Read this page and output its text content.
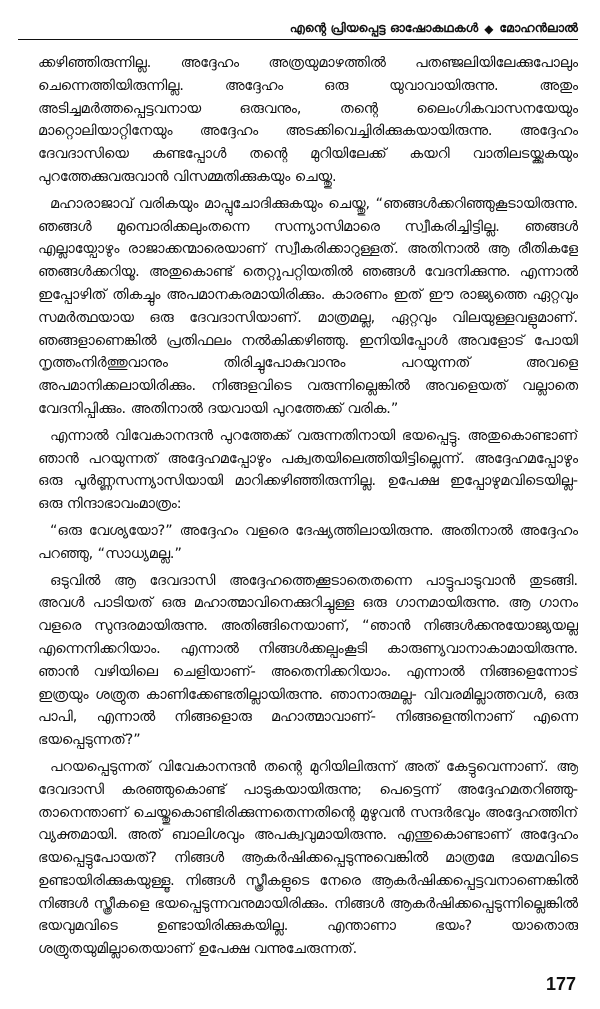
എന്റെ പ്രിയപ്പെട്ട ഓഷോകഥകൾ ◆ മോഹൻലാൽ

ക്കഴിഞ്ഞിരുന്നില്ല. അദ്ദേഹം അത്രയുമാഴത്തിൽ പതഞ്ജലിയിലേക്കുപോലും ചെന്നെത്തിയിരുന്നില്ല. അദ്ദേഹം ഒരു യുവാവായിരുന്നു. അതും അടിച്ചമർത്തപ്പെട്ടവനായ ഒരുവനും, തന്റെ ലൈംഗികവാസനയേയും മാറ്റൊലിയാറ്റിനേയും അദ്ദേഹം അടക്കിവെച്ചിരിക്കുകയായിരുന്നു. അദ്ദേഹം ദേവദാസിയെ കണ്ടപ്പോൾ തന്റെ മുറിയിലേക്ക് കയറി വാതിലടയ്ക്കുകയും പുറത്തേക്കുവരുവാൻ വിസമ്മതിക്കുകയും ചെയ്തു.

മഹാരാജാവ് വരികയും മാപ്പുചോദിക്കുകയും ചെയ്തു, “ഞങ്ങൾക്കറിഞ്ഞുകൂടായിരുന്നു. ഞങ്ങൾ മുമ്പൊരിക്കലുംതന്നെ സന്ന്യാസിമാരെ സ്വീകരിച്ചിട്ടില്ല. ഞങ്ങൾ എല്ലായ്പോഴും രാജാക്കന്മാരെയാണ് സ്വീകരിക്കാറുള്ളത്. അതിനാൽ ആ രീതികളേ ഞങ്ങൾക്കറിയൂ. അതുകൊണ്ട് തെറ്റുപറ്റിയതിൽ ഞങ്ങൾ വേദനിക്കുന്നു. എന്നാൽ ഇപ്പോഴിത് തികച്ചും അപമാനകരമായിരിക്കും. കാരണം ഇത് ഈ രാജ്യത്തെ ഏറ്റവും സമർത്ഥയായ ഒരു ദേവദാസിയാണ്. മാത്രമല്ല, ഏറ്റവും വിലയുള്ളവളുമാണ്. ഞങ്ങളാണെങ്കിൽ പ്രതിഫലം നൽകിക്കഴിഞ്ഞു. ഇനിയിപ്പോൾ അവളോട് പോയി നൃത്തംനിർത്തുവാനും തിരിച്ചുപോകുവാനും പറയുന്നത് അവളെ അപമാനിക്കലായിരിക്കും. നിങ്ങളവിടെ വരുന്നില്ലെങ്കിൽ അവളെയത് വല്ലാതെ വേദനിപ്പിക്കും. അതിനാൽ ദയവായി പുറത്തേക്ക് വരിക.”

എന്നാൽ വിവേകാനന്ദൻ പുറത്തേക്ക് വരുന്നതിനായി ഭയപ്പെട്ടു. അതുകൊണ്ടാണ് ഞാൻ പറയുന്നത് അദ്ദേഹമപ്പോഴും പക്വതയിലെത്തിയിട്ടില്ലെന്ന്. അദ്ദേഹമപ്പോഴും ഒരു പൂർണ്ണസന്ന്യാസിയായി മാറിക്കഴിഞ്ഞിരുന്നില്ല. ഉപേക്ഷ ഇപ്പോഴുമവിടെയില്ല- ഒരു നിന്ദാഭാവംമാത്രം:

“ഒരു വേശ്യയോ?” അദ്ദേഹം വളരെ ദേഷ്യത്തിലായിരുന്നു. അതിനാൽ അദ്ദേഹം പറഞ്ഞു, “സാധ്യമല്ല.”

ഒടുവിൽ ആ ദേവദാസി അദ്ദേഹത്തെക്കൂടാതെതന്നെ പാട്ടുപാടുവാൻ തുടങ്ങി. അവൾ പാടിയത് ഒരു മഹാത്മാവിനെക്കുറിച്ചുള്ള ഒരു ഗാനമായിരുന്നു. ആ ഗാനം വളരെ സുന്ദരമായിരുന്നു. അതിങ്ങിനെയാണ്, “ഞാൻ നിങ്ങൾക്കനുയോജ്യയല്ല എന്നെനിക്കറിയാം. എന്നാൽ നിങ്ങൾക്കല്പംകൂടി കാരുണ്യവാനാകാമായിരുന്നു. ഞാൻ വഴിയിലെ ചെളിയാണ്- അതെനിക്കറിയാം. എന്നാൽ നിങ്ങളെന്നോട് ഇത്രയും ശത്രുത കാണിക്കേണ്ടതില്ലായിരുന്നു. ഞാനാരുമല്ല- വിവരമില്ലാത്തവൾ, ഒരു പാപി, എന്നാൽ നിങ്ങളൊരു മഹാത്മാവാണ്- നിങ്ങളെന്തിനാണ് എന്നെ ഭയപ്പെടുന്നത്?”

പറയപ്പെടുന്നത് വിവേകാനന്ദൻ തന്റെ മുറിയിലിരുന്ന് അത് കേട്ടുവെന്നാണ്. ആ ദേവദാസി കരഞ്ഞുകൊണ്ട് പാടുകയായിരുന്നു; പെട്ടെന്ന് അദ്ദേഹമതറിഞ്ഞു- താനെന്താണ് ചെയ്തുകൊണ്ടിരിക്കുന്നതെന്നതിന്റെ മുഴുവൻ സന്ദർഭവും അദ്ദേഹത്തിന് വ്യക്തമായി. അത് ബാലിശവും അപക്വവുമായിരുന്നു. എന്തുകൊണ്ടാണ് അദ്ദേഹം ഭയപ്പെട്ടുപോയത്? നിങ്ങൾ ആകർഷിക്കപ്പെടുന്നുവെങ്കിൽ മാത്രമേ ഭയമവിടെ ഉണ്ടായിരിക്കുകയുള്ളൂ. നിങ്ങൾ സ്ത്രീകളുടെ നേരെ ആകർഷിക്കപ്പെട്ടവനാണെങ്കിൽ നിങ്ങൾ സ്ത്രീകളെ ഭയപ്പെടുന്നവനുമായിരിക്കും. നിങ്ങൾ ആകർഷിക്കപ്പെടുന്നില്ലെങ്കിൽ ഭയവുമവിടെ ഉണ്ടായിരിക്കുകയില്ല. എന്താണാ ഭയം? യാതൊരു ശത്രുതയുമില്ലാതെയാണ് ഉപേക്ഷ വന്നുചേരുന്നത്.

177
